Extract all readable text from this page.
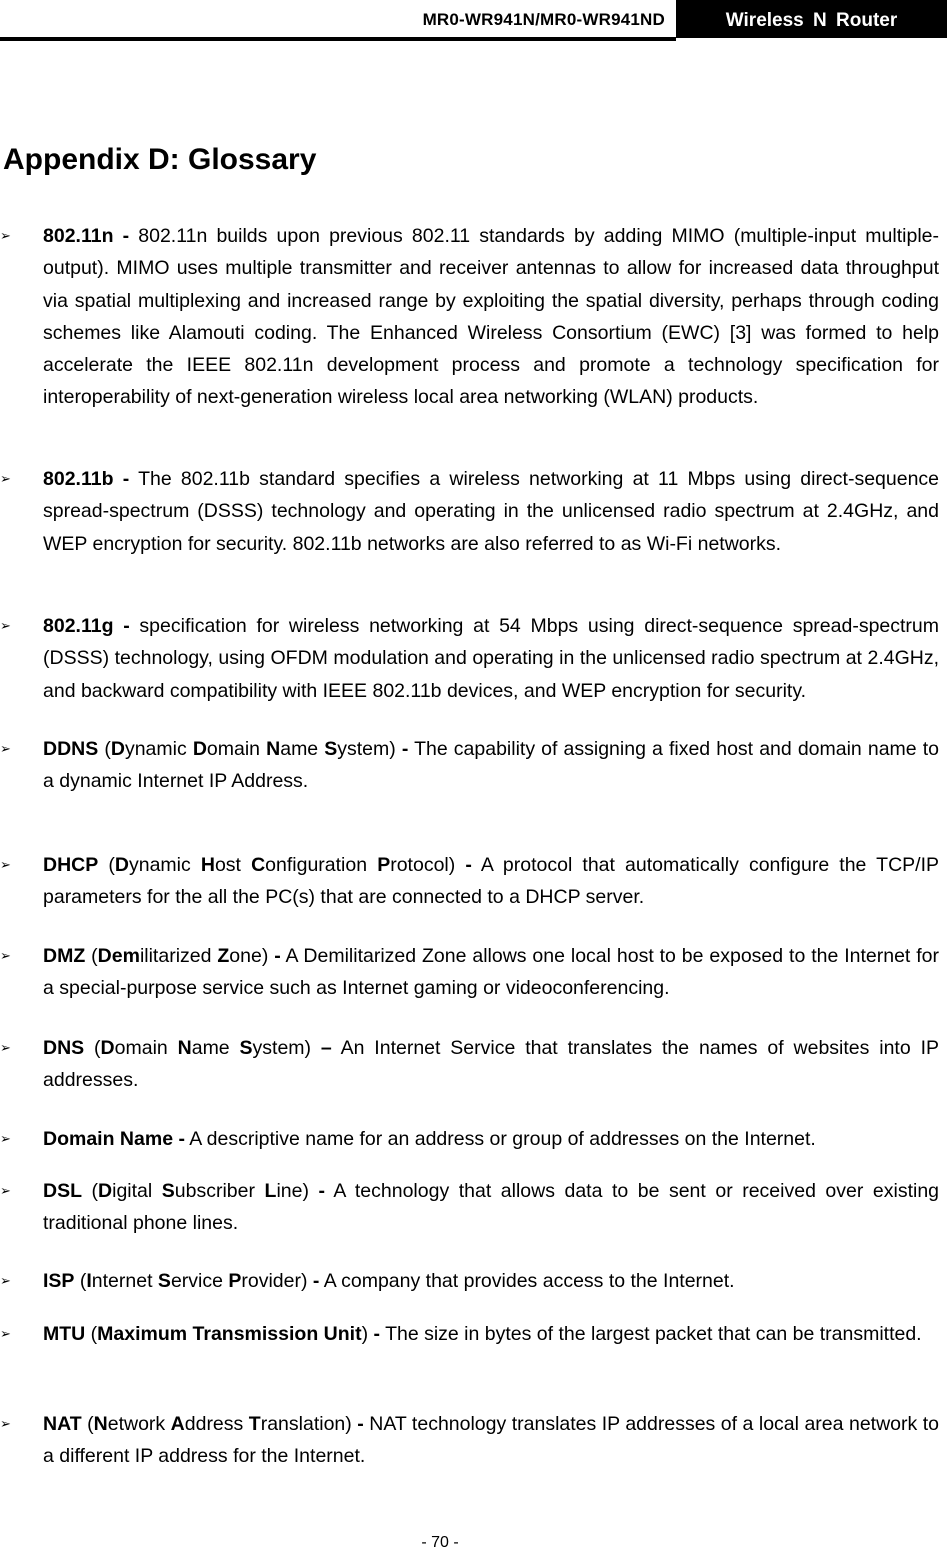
MR0-WR941N/MR0-WR941ND	Wireless N Router
Appendix D: Glossary
➢ 802.11n - 802.11n builds upon previous 802.11 standards by adding MIMO (multiple-input multiple-output). MIMO uses multiple transmitter and receiver antennas to allow for increased data throughput via spatial multiplexing and increased range by exploiting the spatial diversity, perhaps through coding schemes like Alamouti coding. The Enhanced Wireless Consortium (EWC) [3] was formed to help accelerate the IEEE 802.11n development process and promote a technology specification for interoperability of next-generation wireless local area networking (WLAN) products.
➢ 802.11b - The 802.11b standard specifies a wireless networking at 11 Mbps using direct-sequence spread-spectrum (DSSS) technology and operating in the unlicensed radio spectrum at 2.4GHz, and WEP encryption for security. 802.11b networks are also referred to as Wi-Fi networks.
➢ 802.11g - specification for wireless networking at 54 Mbps using direct-sequence spread-spectrum (DSSS) technology, using OFDM modulation and operating in the unlicensed radio spectrum at 2.4GHz, and backward compatibility with IEEE 802.11b devices, and WEP encryption for security.
➢ DDNS (Dynamic Domain Name System) - The capability of assigning a fixed host and domain name to a dynamic Internet IP Address.
➢ DHCP (Dynamic Host Configuration Protocol) - A protocol that automatically configure the TCP/IP parameters for the all the PC(s) that are connected to a DHCP server.
➢ DMZ (Demilitarized Zone) - A Demilitarized Zone allows one local host to be exposed to the Internet for a special-purpose service such as Internet gaming or videoconferencing.
➢ DNS (Domain Name System) – An Internet Service that translates the names of websites into IP addresses.
➢ Domain Name - A descriptive name for an address or group of addresses on the Internet.
➢ DSL (Digital Subscriber Line) - A technology that allows data to be sent or received over existing traditional phone lines.
➢ ISP (Internet Service Provider) - A company that provides access to the Internet.
➢ MTU (Maximum Transmission Unit) - The size in bytes of the largest packet that can be transmitted.
➢ NAT (Network Address Translation) - NAT technology translates IP addresses of a local area network to a different IP address for the Internet.
- 70 -
